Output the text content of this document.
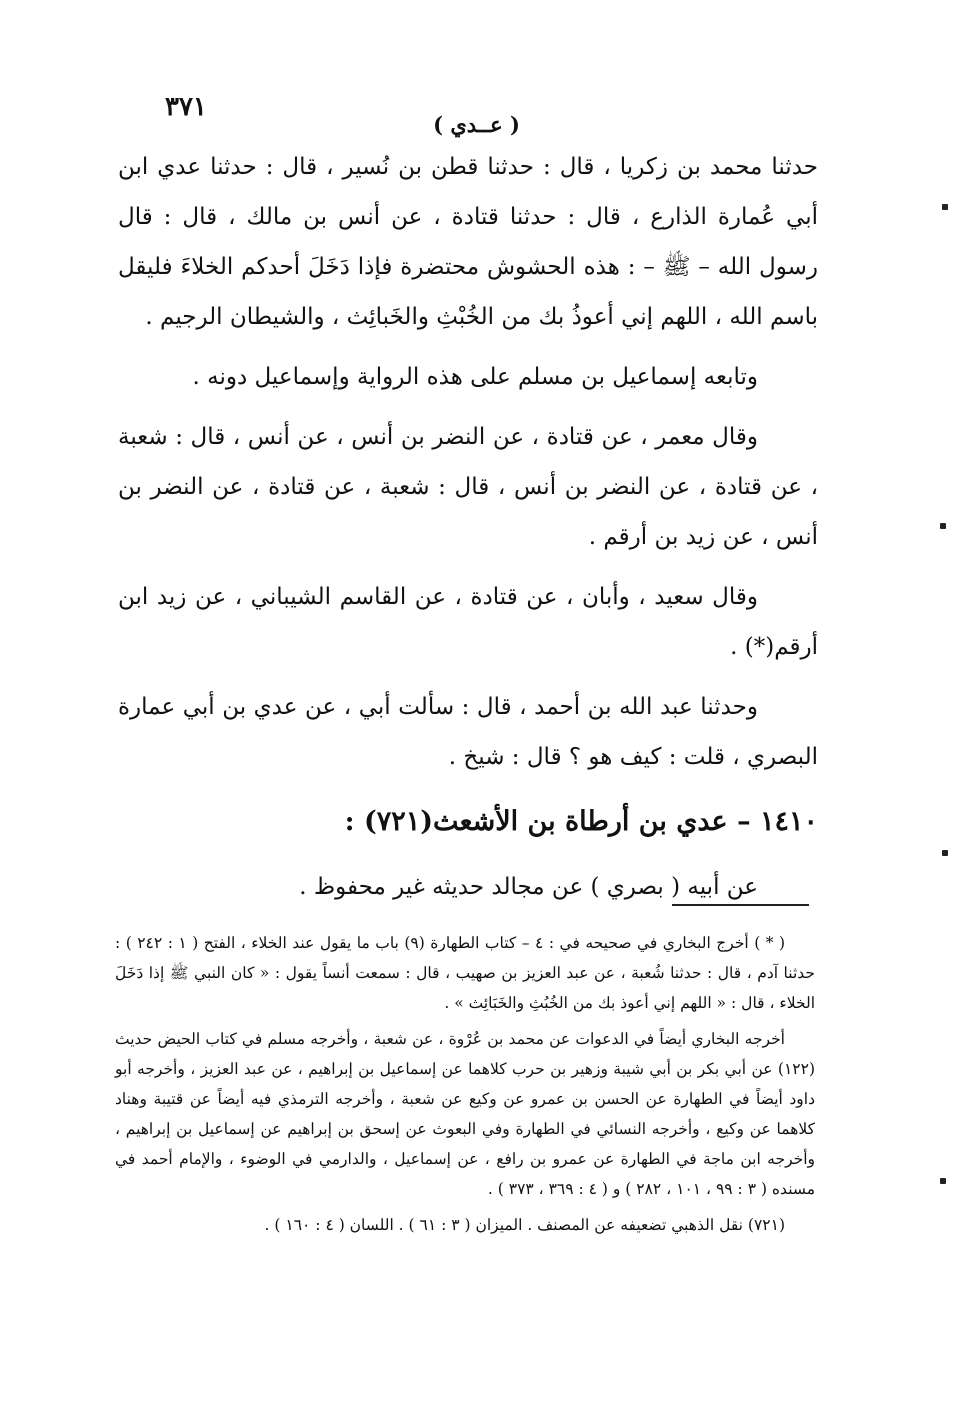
٣٧١
( عــدي )

حدثنا محمد بن زكريا ، قال : حدثنا قطن بن نُسير ، قال : حدثنا عدي ابن أبي عُمارة الذارع ، قال : حدثنا قتادة ، عن أنس بن مالك ، قال : قال رسول الله – ﷺ – : هذه الحشوش محتضرة فإذا دَخَلَ أحدكم الخلاءَ فليقل باسم الله ، اللهم إني أعوذُ بك من الخُبْثِ والخَبائِث ، والشيطان الرجيم .

وتابعه إسماعيل بن مسلم على هذه الرواية وإسماعيل دونه .

وقال معمر ، عن قتادة ، عن النضر بن أنس ، عن أنس ، قال : شعبة ، عن قتادة ، عن النضر بن أنس ، قال : شعبة ، عن قتادة ، عن النضر بن أنس ، عن زيد بن أرقم .

وقال سعيد ، وأبان ، عن قتادة ، عن القاسم الشيباني ، عن زيد ابن أرقم(*) .

وحدثنا عبد الله بن أحمد ، قال : سألت أبي ، عن عدي بن أبي عمارة البصري ، قلت : كيف هو ؟ قال : شيخ .

١٤١٠ – عدي بن أرطاة بن الأشعث(٧٢١) :

عن أبيه ( بصري ) عن مجالد حديثه غير محفوظ .

( * ) أخرج البخاري في صحيحه في : ٤ – كتاب الطهارة (٩) باب ما يقول عند الخلاء ، الفتح ( ١ : ٢٤٢ ) : حدثنا آدم ، قال : حدثنا شُعبة ، عن عبد العزيز بن صهيب ، قال : سمعت أنساً يقول : « كان النبي ﷺ إذا دَخَلَ الخلاء ، قال : « اللهم إني أعوذ بك من الخُبُثِ والخَبَائِث » .

أخرجه البخاري أيضاً في الدعوات عن محمد بن عُرْوة ، عن شعبة ، وأخرجه مسلم في كتاب الحيض حديث (١٢٢) عن أبي بكر بن أبي شيبة وزهير بن حرب كلاهما عن إسماعيل بن إبراهيم ، عن عبد العزيز ، وأخرجه أبو داود أيضاً في الطهارة عن الحسن بن عمرو عن وكيع عن شعبة ، وأخرجه الترمذي فيه أيضاً عن قتيبة وهناد كلاهما عن وكيع ، وأخرجه النسائي في الطهارة وفي البعوث عن إسحق بن إبراهيم عن إسماعيل بن إبراهيم ، وأخرجه ابن ماجة في الطهارة عن عمرو بن رافع ، عن إسماعيل ، والدارمي في الوضوء ، والإمام أحمد في مسنده ( ٣ : ٩٩ ، ١٠١ ، ٢٨٢ ) و ( ٤ : ٣٦٩ ، ٣٧٣ ) .

(٧٢١) نقل الذهبي تضعيفه عن المصنف . الميزان ( ٣ : ٦١ ) . اللسان ( ٤ : ١٦٠ ) .
